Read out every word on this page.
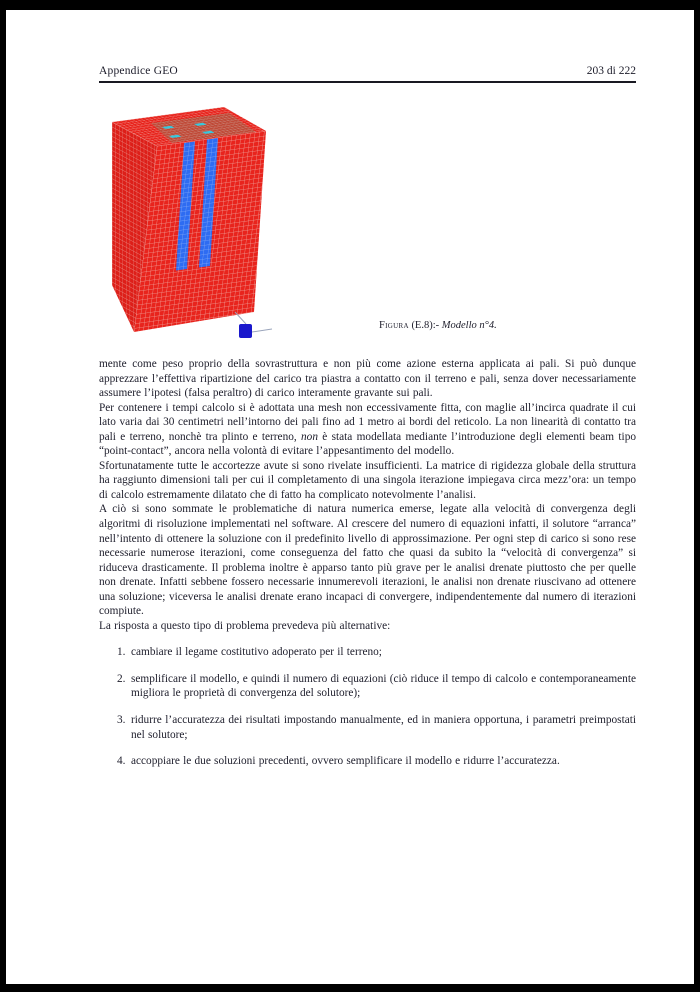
Appendice GEO	203 di 222
Figura (E.8):- Modello n°4.

mente come peso proprio della sovrastruttura e non più come azione esterna applicata ai pali. Si può dunque apprezzare l’effettiva ripartizione del carico tra piastra a contatto con il terreno e pali, senza dover necessariamente assumere l’ipotesi (falsa peraltro) di carico interamente gravante sui pali.

Per contenere i tempi calcolo si è adottata una mesh non eccessivamente fitta, con maglie all’incirca quadrate il cui lato varia dai 30 centimetri nell’intorno dei pali fino ad 1 metro ai bordi del reticolo. La non linearità di contatto tra pali e terreno, nonchè tra plinto e terreno, non è stata modellata mediante l’introduzione degli elementi beam tipo “point-contact”, ancora nella volontà di evitare l’appesantimento del modello.

Sfortunatamente tutte le accortezze avute si sono rivelate insufficienti. La matrice di rigidezza globale della struttura ha raggiunto dimensioni tali per cui il completamento di una singola iterazione impiegava circa mezz’ora: un tempo di calcolo estremamente dilatato che di fatto ha complicato notevolmente l’analisi.

A ciò si sono sommate le problematiche di natura numerica emerse, legate alla velocità di convergenza degli algoritmi di risoluzione implementati nel software. Al crescere del numero di equazioni infatti, il solutore “arranca” nell’intento di ottenere la soluzione con il predefinito livello di approssimazione. Per ogni step di carico si sono rese necessarie numerose iterazioni, come conseguenza del fatto che quasi da subito la “velocità di convergenza” si riduceva drasticamente. Il problema inoltre è apparso tanto più grave per le analisi drenate piuttosto che per quelle non drenate. Infatti sebbene fossero necessarie innumerevoli iterazioni, le analisi non drenate riuscivano ad ottenere una soluzione; viceversa le analisi drenate erano incapaci di convergere, indipendentemente dal numero di iterazioni compiute.

La risposta a questo tipo di problema prevedeva più alternative:

1. cambiare il legame costitutivo adoperato per il terreno;
2. semplificare il modello, e quindi il numero di equazioni (ciò riduce il tempo di calcolo e contemporaneamente migliora le proprietà di convergenza del solutore);
3. ridurre l’accuratezza dei risultati impostando manualmente, ed in maniera opportuna, i parametri preimpostati nel solutore;
4. accoppiare le due soluzioni precedenti, ovvero semplificare il modello e ridurre l’accuratezza.
